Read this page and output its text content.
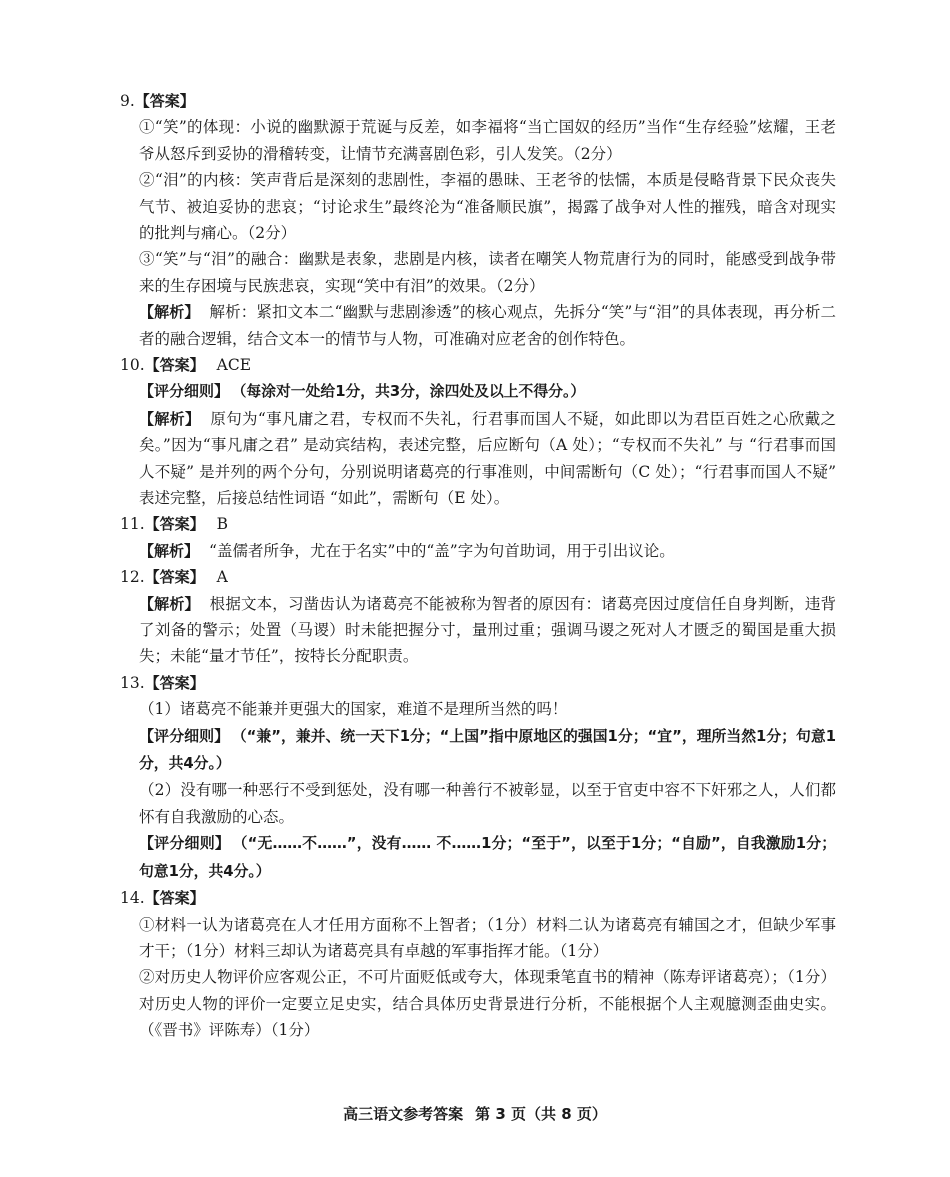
9.【答案】
①“笑”的体现：小说的幽默源于荒诞与反差，如李福将“当亡国奴的经历”当作“生存经验”炫耀，王老爷从怒斥到妥协的滑稽转变，让情节充满喜剧色彩，引人发笑。（2分）
②“泪”的内核：笑声背后是深刻的悲剧性，李福的愚昧、王老爷的怯懦，本质是侵略背景下民众丧失气节、被迫妥协的悲哀；“讨论求生”最终沦为“准备顺民旗”，揭露了战争对人性的摧残，暗含对现实的批判与痛心。（2分）
③“笑”与“泪”的融合：幽默是表象，悲剧是内核，读者在嘲笑人物荒唐行为的同时，能感受到战争带来的生存困境与民族悲哀，实现“笑中有泪”的效果。（2分）
【解析】 解析：紧扣文本二“幽默与悲剧渗透”的核心观点，先拆分“笑”与“泪”的具体表现，再分析二者的融合逻辑，结合文本一的情节与人物，可准确对应老舍的创作特色。
10.【答案】 ACE
【评分细则】 （每涂对一处给1分，共3分，涂四处及以上不得分。）
【解析】 原句为“事凡庸之君，专权而不失礼，行君事而国人不疑，如此即以为君臣百姓之心欣戴之矣。”因为“事凡庸之君” 是动宾结构，表述完整，后应断句（A 处）；“专权而不失礼” 与 “行君事而国人不疑” 是并列的两个分句，分别说明诸葛亮的行事准则，中间需断句（C 处）；“行君事而国人不疑” 表述完整，后接总结性词语 “如此”，需断句（E 处）。
11.【答案】 B
【解析】 “盖儒者所争，尤在于名实”中的“盖”字为句首助词，用于引出议论。
12.【答案】 A
【解析】 根据文本，习凿齿认为诸葛亮不能被称为智者的原因有：诸葛亮因过度信任自身判断，违背了刘备的警示；处置（马谡）时未能把握分寸，量刑过重；强调马谡之死对人才匮乏的蜀国是重大损失；未能“量才节任”，按特长分配职责。
13.【答案】
（1）诸葛亮不能兼并更强大的国家，难道不是理所当然的吗！
【评分细则】 （“兼”，兼并、统一天下1分；“上国”指中原地区的强国1分；“宜”，理所当然1分；句意1分，共4分。）
（2）没有哪一种恶行不受到惩处，没有哪一种善行不被彰显，以至于官吏中容不下奸邪之人，人们都怀有自我激励的心态。
【评分细则】 （“无……不……”，没有…… 不……1分；“至于”，以至于1分；“自励”，自我激励1分；句意1分，共4分。）
14.【答案】
①材料一认为诸葛亮在人才任用方面称不上智者；（1分）材料二认为诸葛亮有辅国之才，但缺少军事才干；（1分）材料三却认为诸葛亮具有卓越的军事指挥才能。（1分）
②对历史人物评价应客观公正，不可片面贬低或夸大，体现秉笔直书的精神（陈寿评诸葛亮）；（1分）对历史人物的评价一定要立足史实，结合具体历史背景进行分析，不能根据个人主观臆测歪曲史实。（《晋书》评陈寿）（1分）
高三语文参考答案 第 3 页（共 8 页）
